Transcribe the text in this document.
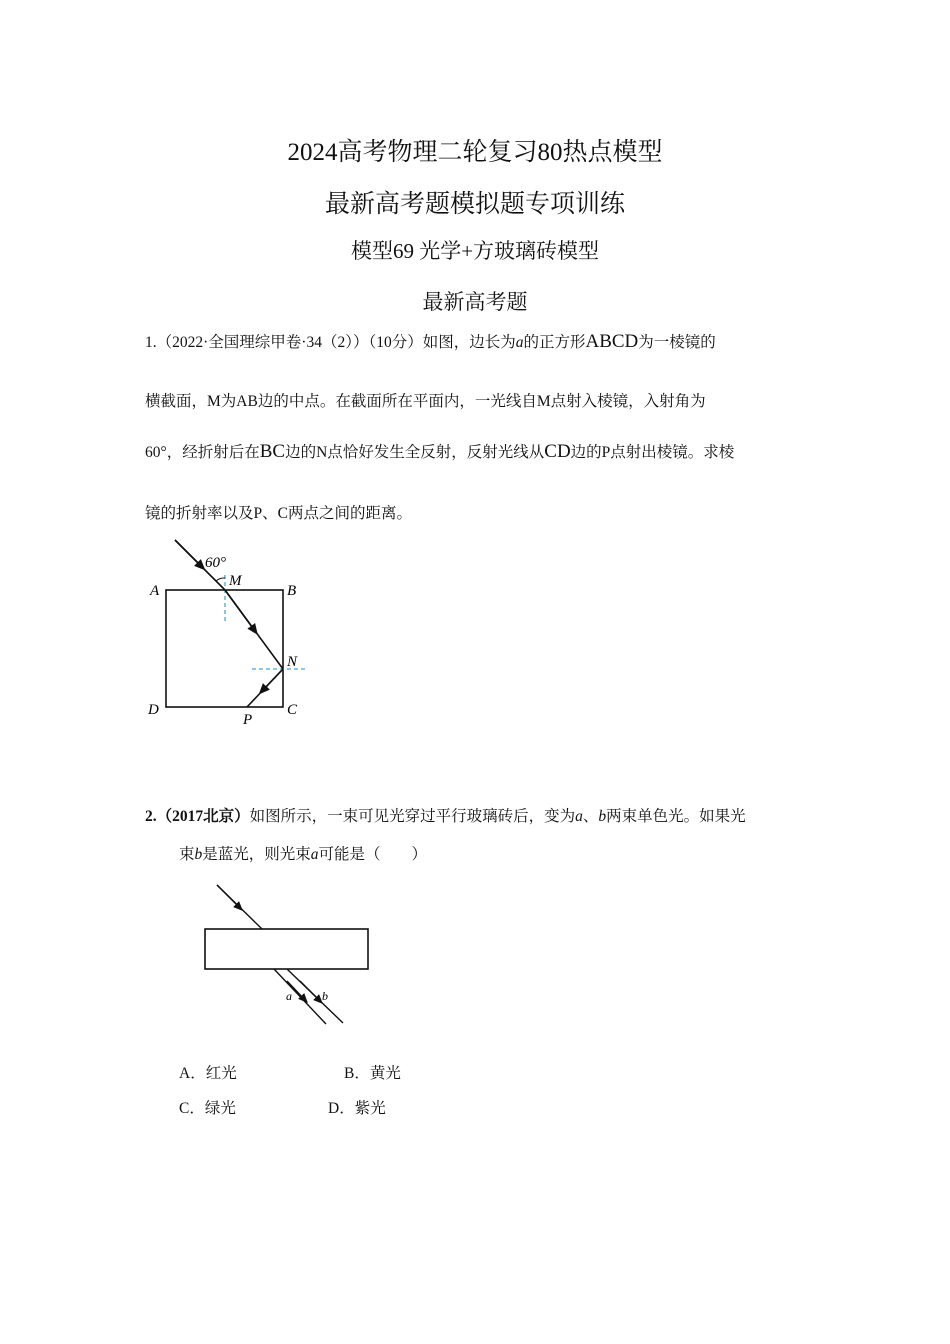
2024高考物理二轮复习80热点模型
最新高考题模拟题专项训练
模型69 光学+方玻璃砖模型
最新高考题
1.（2022·全国理综甲卷·34（2））（10分）如图，边长为a的正方形ABCD为一棱镜的
横截面，M为AB边的中点。在截面所在平面内，一光线自M点射入棱镜，入射角为
60°，经折射后在BC边的N点恰好发生全反射，反射光线从CD边的P点射出棱镜。求棱
镜的折射率以及P、C两点之间的距离。
60°
M
A	B
N
D	C
P
2.（2017北京）如图所示，一束可见光穿过平行玻璃砖后，变为a、b两束单色光。如果光
束b是蓝光，则光束a可能是（　　）
a	b
A．红光	B．黄光
C．绿光	D．紫光
